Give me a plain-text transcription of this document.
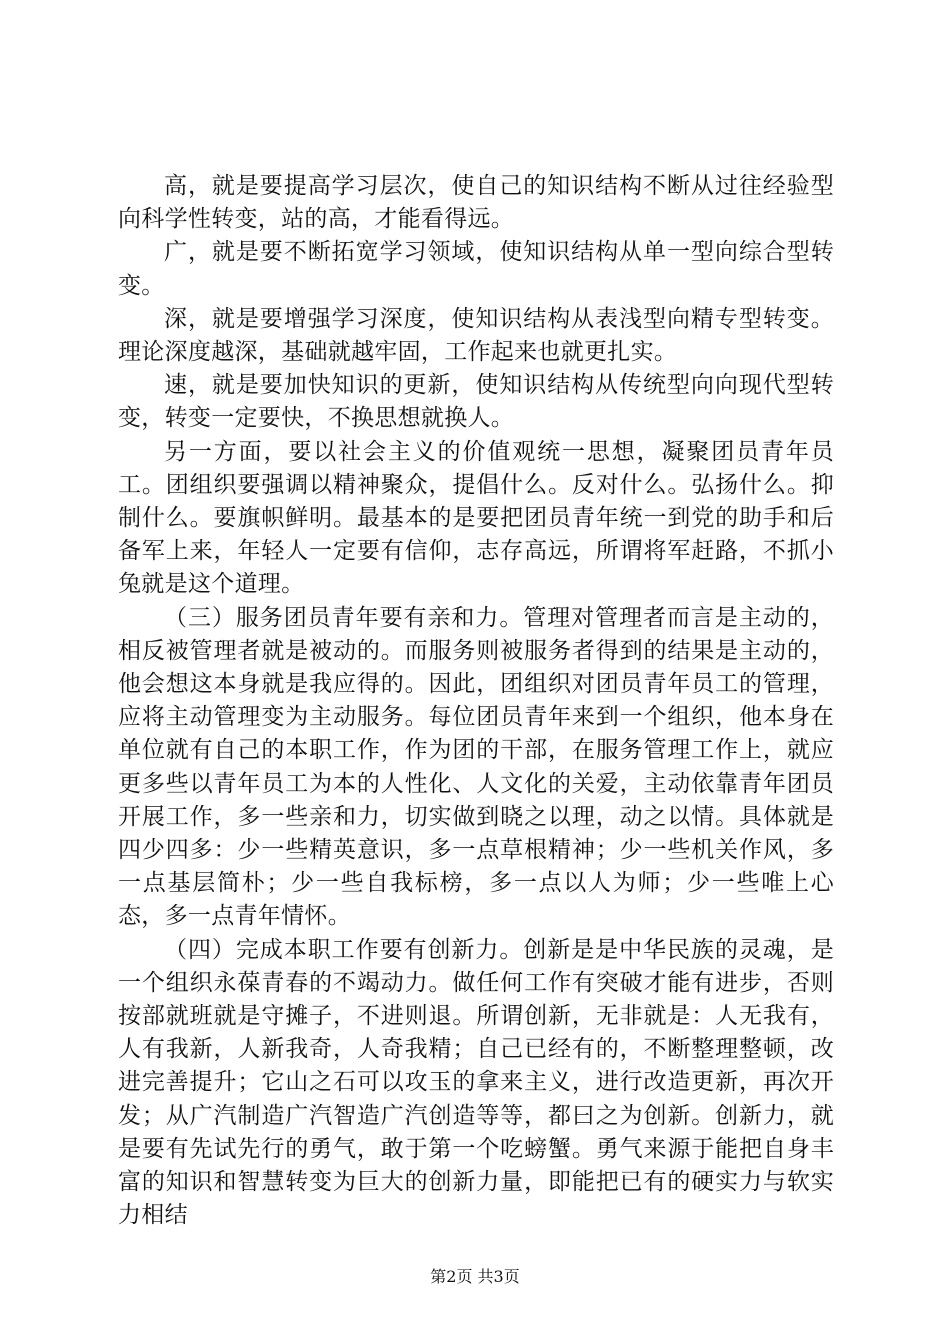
高，就是要提高学习层次，使自己的知识结构不断从过往经验型向科学性转变，站的高，才能看得远。

广，就是要不断拓宽学习领域，使知识结构从单一型向综合型转变。

深，就是要增强学习深度，使知识结构从表浅型向精专型转变。理论深度越深，基础就越牢固，工作起来也就更扎实。

速，就是要加快知识的更新，使知识结构从传统型向向现代型转变，转变一定要快，不换思想就换人。

另一方面，要以社会主义的价值观统一思想，凝聚团员青年员工。团组织要强调以精神聚众，提倡什么。反对什么。弘扬什么。抑制什么。要旗帜鲜明。最基本的是要把团员青年统一到党的助手和后备军上来，年轻人一定要有信仰，志存高远，所谓将军赶路，不抓小兔就是这个道理。

（三）服务团员青年要有亲和力。管理对管理者而言是主动的，相反被管理者就是被动的。而服务则被服务者得到的结果是主动的，他会想这本身就是我应得的。因此，团组织对团员青年员工的管理，应将主动管理变为主动服务。每位团员青年来到一个组织，他本身在单位就有自己的本职工作，作为团的干部，在服务管理工作上，就应更多些以青年员工为本的人性化、人文化的关爱，主动依靠青年团员开展工作，多一些亲和力，切实做到晓之以理，动之以情。具体就是四少四多：少一些精英意识，多一点草根精神；少一些机关作风，多一点基层简朴；少一些自我标榜，多一点以人为师；少一些唯上心态，多一点青年情怀。

（四）完成本职工作要有创新力。创新是是中华民族的灵魂，是一个组织永葆青春的不竭动力。做任何工作有突破才能有进步，否则按部就班就是守摊子，不进则退。所谓创新，无非就是：人无我有，人有我新，人新我奇，人奇我精；自己已经有的，不断整理整顿，改进完善提升；它山之石可以攻玉的拿来主义，进行改造更新，再次开发；从广汽制造广汽智造广汽创造等等，都曰之为创新。创新力，就是要有先试先行的勇气，敢于第一个吃螃蟹。勇气来源于能把自身丰富的知识和智慧转变为巨大的创新力量，即能把已有的硬实力与软实力相结

第2页 共3页
